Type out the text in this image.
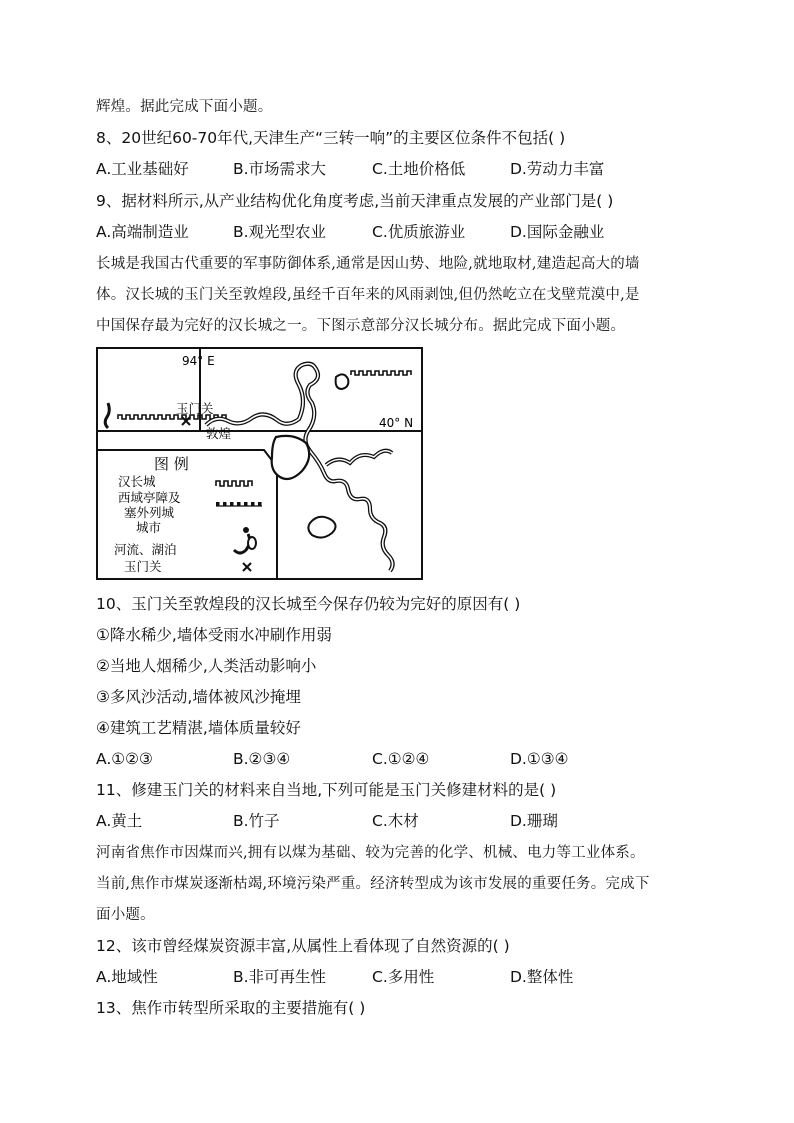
辉煌。据此完成下面小题。
8、20世纪60-70年代,天津生产“三转一响”的主要区位条件不包括( )
A.工业基础好	B.市场需求大	C.土地价格低	D.劳动力丰富
9、据材料所示,从产业结构优化角度考虑,当前天津重点发展的产业部门是( )
A.高端制造业	B.观光型农业	C.优质旅游业	D.国际金融业
长城是我国古代重要的军事防御体系,通常是因山势、地险,就地取材,建造起高大的墙
体。汉长城的玉门关至敦煌段,虽经千百年来的风雨剥蚀,但仍然屹立在戈壁荒漠中,是
中国保存最为完好的汉长城之一。下图示意部分汉长城分布。据此完成下面小题。
94° E
40° N
玉门关
敦煌
图 例
汉长城
西域亭障及
塞外列城
城市
河流、湖泊
玉门关
10、玉门关至敦煌段的汉长城至今保存仍较为完好的原因有( )
①降水稀少,墙体受雨水冲刷作用弱
②当地人烟稀少,人类活动影响小
③多风沙活动,墙体被风沙掩埋
④建筑工艺精湛,墙体质量较好
A.①②③	B.②③④	C.①②④	D.①③④
11、修建玉门关的材料来自当地,下列可能是玉门关修建材料的是( )
A.黄土	B.竹子	C.木材	D.珊瑚
河南省焦作市因煤而兴,拥有以煤为基础、较为完善的化学、机械、电力等工业体系。
当前,焦作市煤炭逐渐枯竭,环境污染严重。经济转型成为该市发展的重要任务。完成下
面小题。
12、该市曾经煤炭资源丰富,从属性上看体现了自然资源的( )
A.地域性	B.非可再生性	C.多用性	D.整体性
13、焦作市转型所采取的主要措施有( )
